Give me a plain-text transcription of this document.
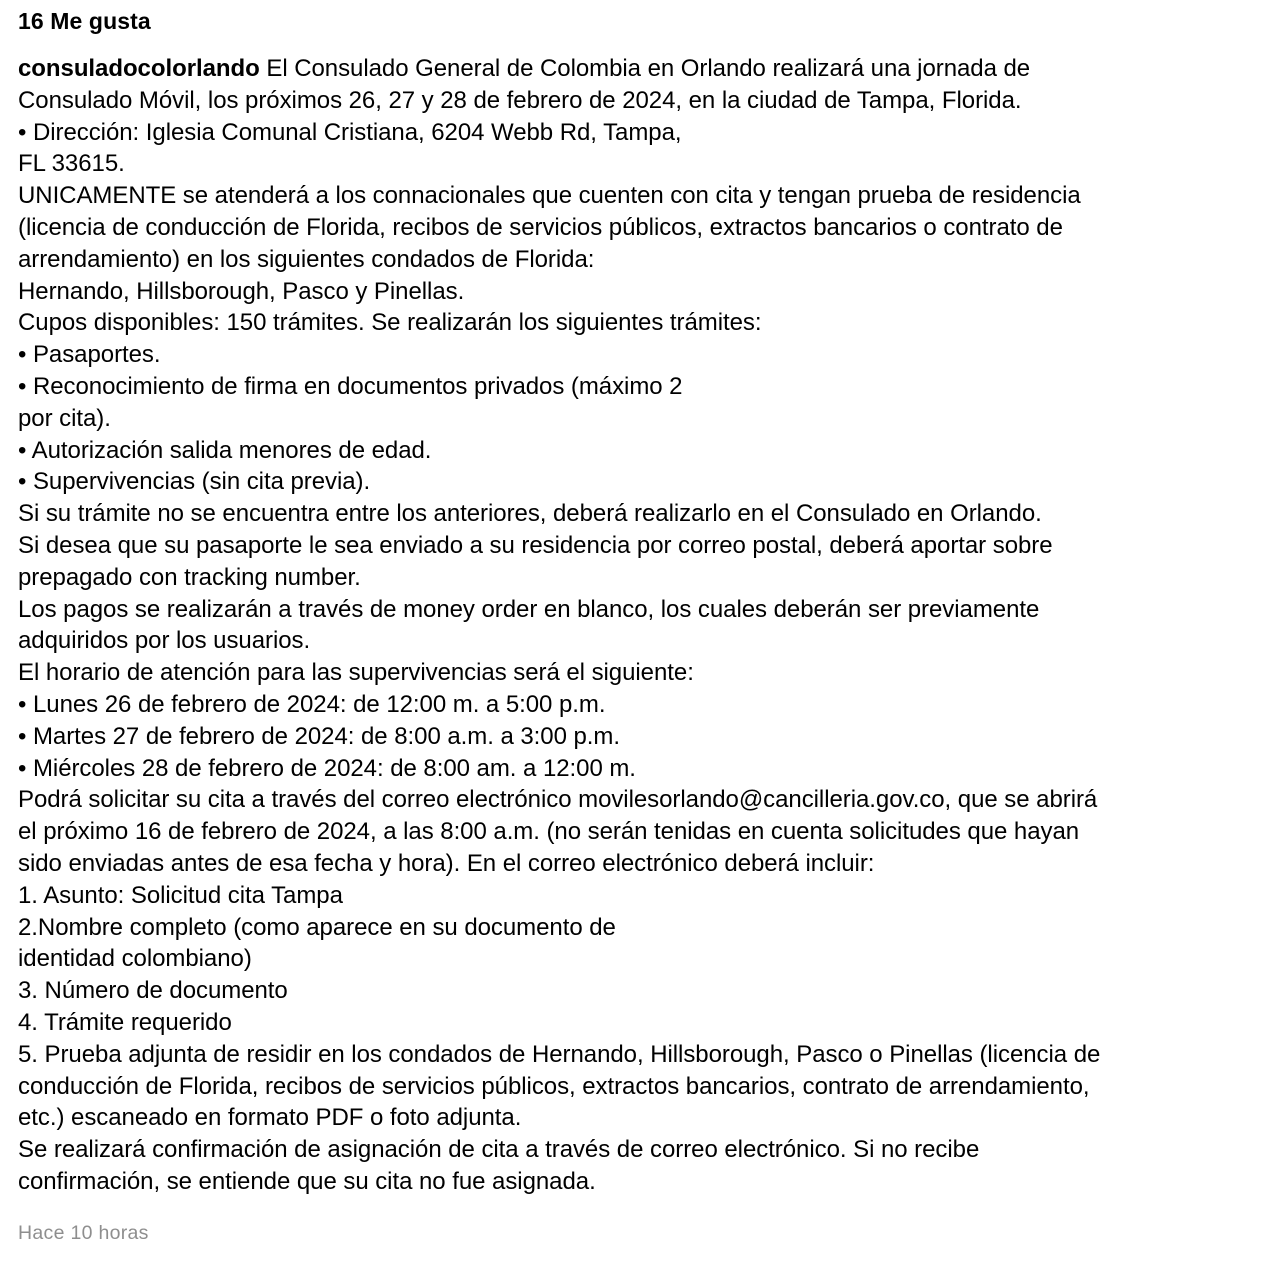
16 Me gusta
consuladocolorlando El Consulado General de Colombia en Orlando realizará una jornada de
Consulado Móvil, los próximos 26, 27 y 28 de febrero de 2024, en la ciudad de Tampa, Florida.
• Dirección: Iglesia Comunal Cristiana, 6204 Webb Rd, Tampa,
FL 33615.
UNICAMENTE se atenderá a los connacionales que cuenten con cita y tengan prueba de residencia
(licencia de conducción de Florida, recibos de servicios públicos, extractos bancarios o contrato de
arrendamiento) en los siguientes condados de Florida:
Hernando, Hillsborough, Pasco y Pinellas.
Cupos disponibles: 150 trámites. Se realizarán los siguientes trámites:
• Pasaportes.
• Reconocimiento de firma en documentos privados (máximo 2
por cita).
• Autorización salida menores de edad.
• Supervivencias (sin cita previa).
Si su trámite no se encuentra entre los anteriores, deberá realizarlo en el Consulado en Orlando.
Si desea que su pasaporte le sea enviado a su residencia por correo postal, deberá aportar sobre
prepagado con tracking number.
Los pagos se realizarán a través de money order en blanco, los cuales deberán ser previamente
adquiridos por los usuarios.
El horario de atención para las supervivencias será el siguiente:
• Lunes 26 de febrero de 2024: de 12:00 m. a 5:00 p.m.
• Martes 27 de febrero de 2024: de 8:00 a.m. a 3:00 p.m.
• Miércoles 28 de febrero de 2024: de 8:00 am. a 12:00 m.
Podrá solicitar su cita a través del correo electrónico movilesorlando@cancilleria.gov.co, que se abrirá
el próximo 16 de febrero de 2024, a las 8:00 a.m. (no serán tenidas en cuenta solicitudes que hayan
sido enviadas antes de esa fecha y hora). En el correo electrónico deberá incluir:
1. Asunto: Solicitud cita Tampa
2.Nombre completo (como aparece en su documento de
identidad colombiano)
3. Número de documento
4. Trámite requerido
5. Prueba adjunta de residir en los condados de Hernando, Hillsborough, Pasco o Pinellas (licencia de
conducción de Florida, recibos de servicios públicos, extractos bancarios, contrato de arrendamiento,
etc.) escaneado en formato PDF o foto adjunta.
Se realizará confirmación de asignación de cita a través de correo electrónico. Si no recibe
confirmación, se entiende que su cita no fue asignada.
Hace 10 horas
